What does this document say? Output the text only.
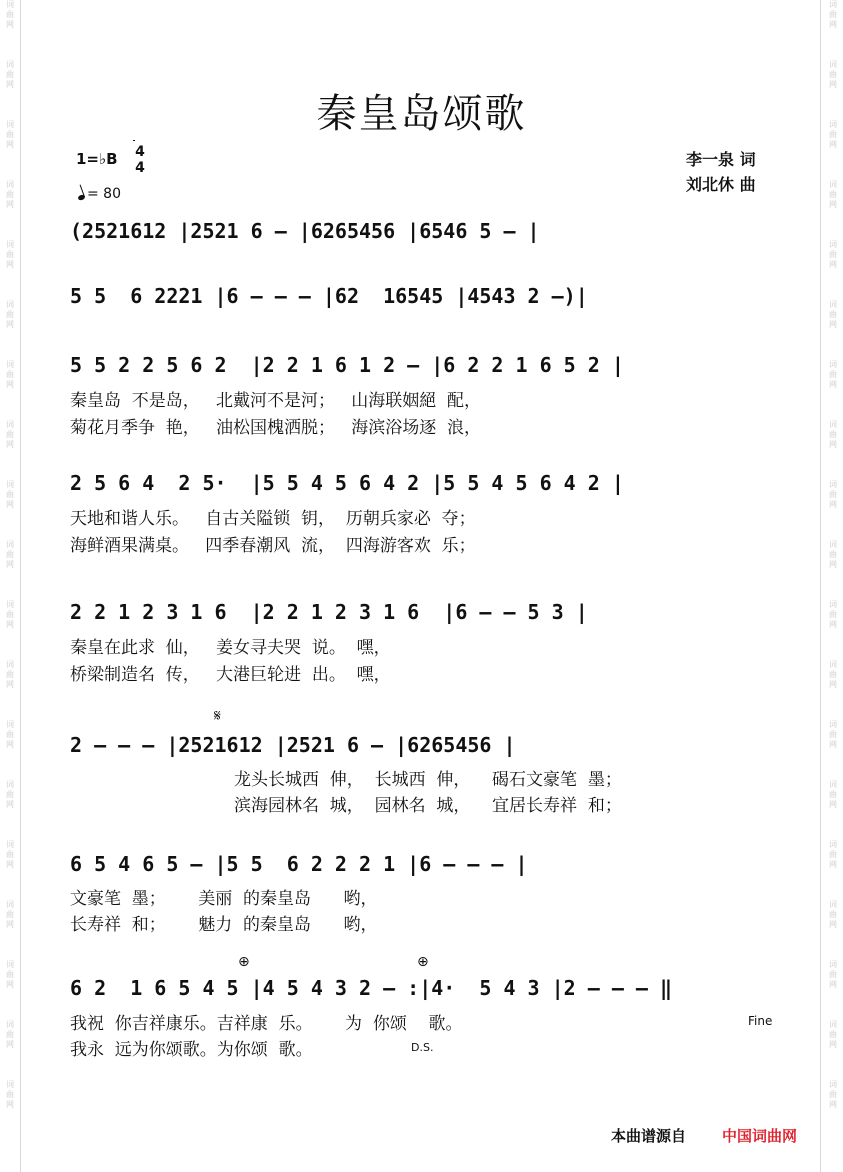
词
曲
网
词
曲
网
词
曲
网
词
曲
网
词
曲
网
词
曲
网
词
曲
网
词
曲
网
词
曲
网
词
曲
网
词
曲
网
词
曲
网
词
曲
网
词
曲
网
词
曲
网
词
曲
网
词
曲
网
词
曲
网
词
曲
网
词
曲
网
词
曲
网
词
曲
网
词
曲
网
词
曲
网
词
曲
网
词
曲
网
词
曲
网
词
曲
网
词
曲
网
词
曲
网
词
曲
网
词
曲
网
词
曲
网
词
曲
网
词
曲
网
词
曲
网
词
曲
网
词
曲
网
秦皇岛颂歌
1=♭B 4
4
= 80
李一泉 词
刘北休 曲
(2521612 |2521 6 – |6265456 |6546 5 – |
5 5  6 2221 |6 – – – |62  16545 |4543 2 –)|
5 5 2 2 5 6 2  |2 2 1 6 1 2 – |6 2 2 1 6 5 2 |
秦皇岛  不是岛，   北戴河不是河；   山海联姻絕  配，
菊花月季争  艳，   油松国槐洒脱；   海滨浴场逐  浪，
2 5 6 4  2 5·  |5 5 4 5 6 4 2 |5 5 4 5 6 4 2 |
天地和谐人乐。   自古关隘锁  钥，  历朝兵家必  夺；
海鲜酒果满桌。   四季春潮风  流，  四海游客欢  乐；
2 2 1 2 3 1 6  |2 2 1 2 3 1 6  |6 – – 5 3 |
秦皇在此求  仙，   姜女寻夫哭  说。  嘿，
桥梁制造名  传，   大港巨轮进  出。  嘿，
𝄋
2 – – – |2521612 |2521 6 – |6265456 |
龙头长城西  伸，  长城西  伸，    碣石文豪笔  墨；
滨海园林名  城，  园林名  城，    宜居长寿祥  和；
6 5 4 6 5 – |5 5  6 2 2 2 1 |6 – – – |
文豪笔  墨；      美丽  的秦皇岛      哟，
长寿祥  和；      魅力  的秦皇岛      哟，
⊕	⊕
6 2  1 6 5 4 5 |4 5 4 3 2 – :|4·  5 4 3 |2 – – – ‖
我祝  你吉祥康乐。吉祥康  乐。      为  你颂    歌。
我永  远为你颂歌。为你颂  歌。
Fine
D.S.
本曲谱源自 中国词曲网
